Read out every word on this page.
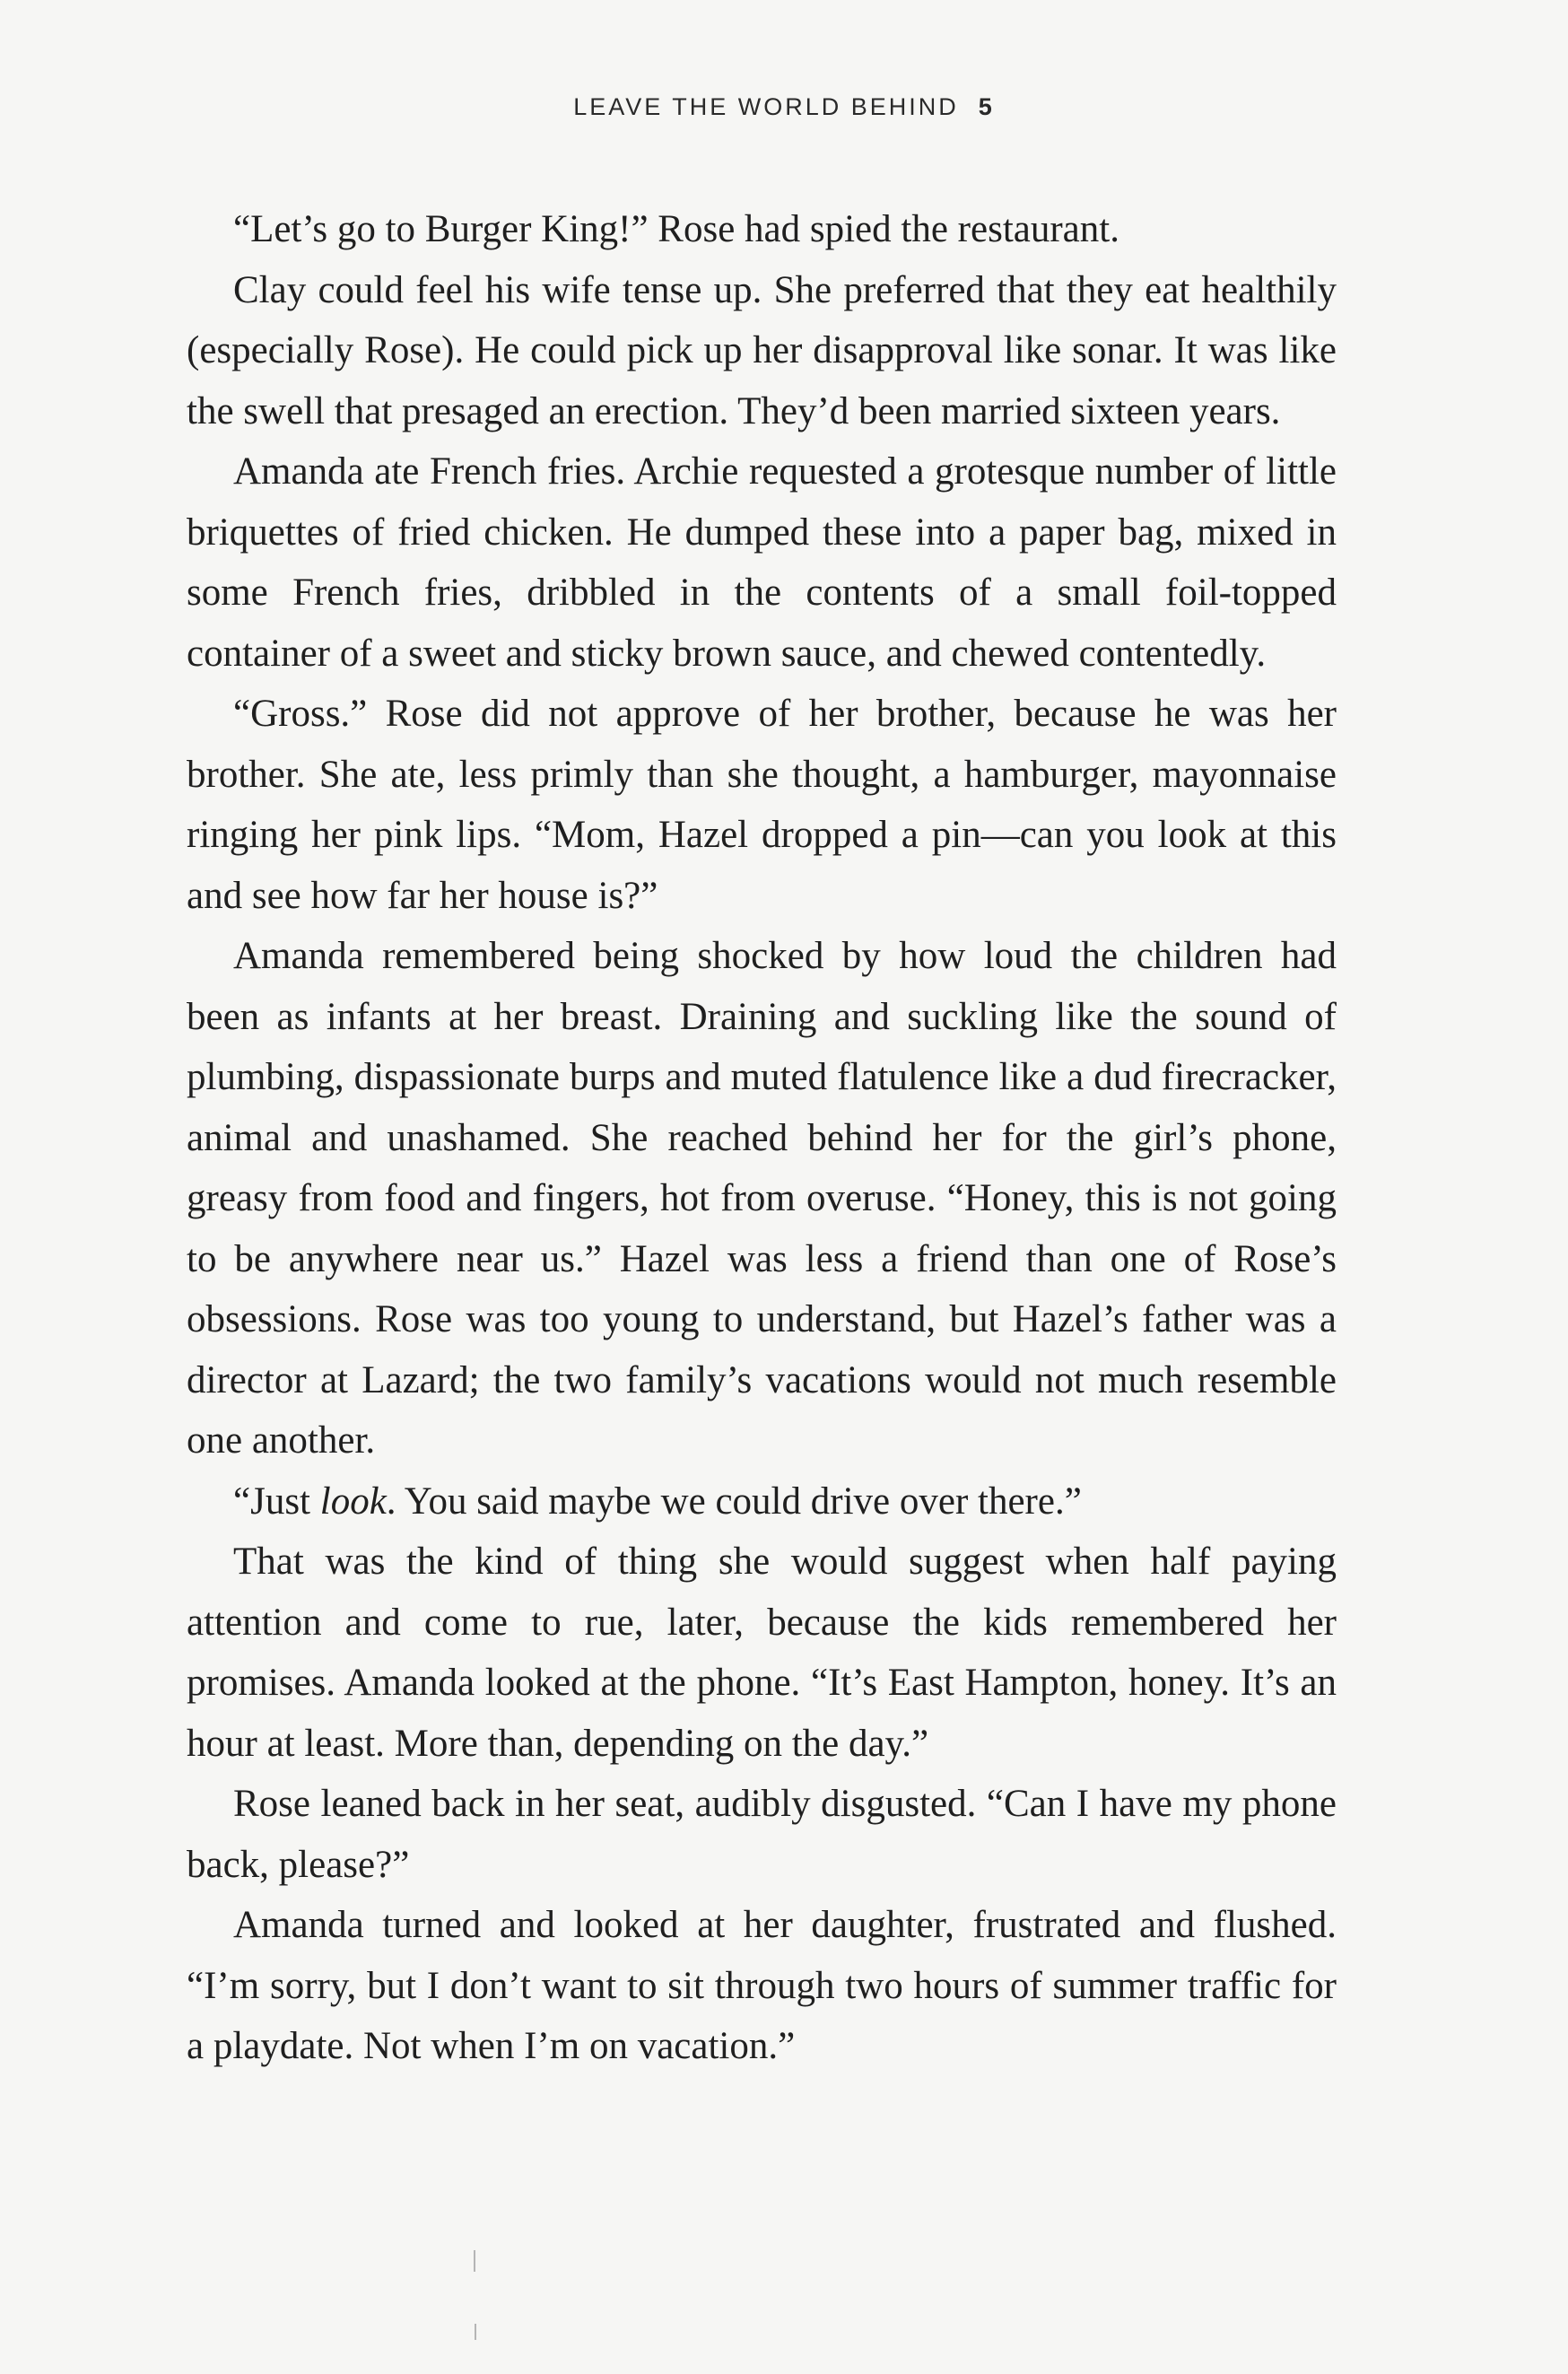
LEAVE THE WORLD BEHIND 5

“Let’s go to Burger King!” Rose had spied the restaurant.

Clay could feel his wife tense up. She preferred that they eat healthily (especially Rose). He could pick up her disapproval like sonar. It was like the swell that presaged an erection. They’d been married sixteen years.

Amanda ate French fries. Archie requested a grotesque number of little briquettes of fried chicken. He dumped these into a paper bag, mixed in some French fries, dribbled in the contents of a small foil-topped container of a sweet and sticky brown sauce, and chewed contentedly.

“Gross.” Rose did not approve of her brother, because he was her brother. She ate, less primly than she thought, a hamburger, mayonnaise ringing her pink lips. “Mom, Hazel dropped a pin—can you look at this and see how far her house is?”

Amanda remembered being shocked by how loud the children had been as infants at her breast. Draining and suckling like the sound of plumbing, dispassionate burps and muted flatulence like a dud firecracker, animal and unashamed. She reached behind her for the girl’s phone, greasy from food and fingers, hot from overuse. “Honey, this is not going to be anywhere near us.” Hazel was less a friend than one of Rose’s obsessions. Rose was too young to understand, but Hazel’s father was a director at Lazard; the two family’s vacations would not much resemble one another.

“Just look. You said maybe we could drive over there.”

That was the kind of thing she would suggest when half paying attention and come to rue, later, because the kids remembered her promises. Amanda looked at the phone. “It’s East Hampton, honey. It’s an hour at least. More than, depending on the day.”

Rose leaned back in her seat, audibly disgusted. “Can I have my phone back, please?”

Amanda turned and looked at her daughter, frustrated and flushed. “I’m sorry, but I don’t want to sit through two hours of summer traffic for a playdate. Not when I’m on vacation.”
